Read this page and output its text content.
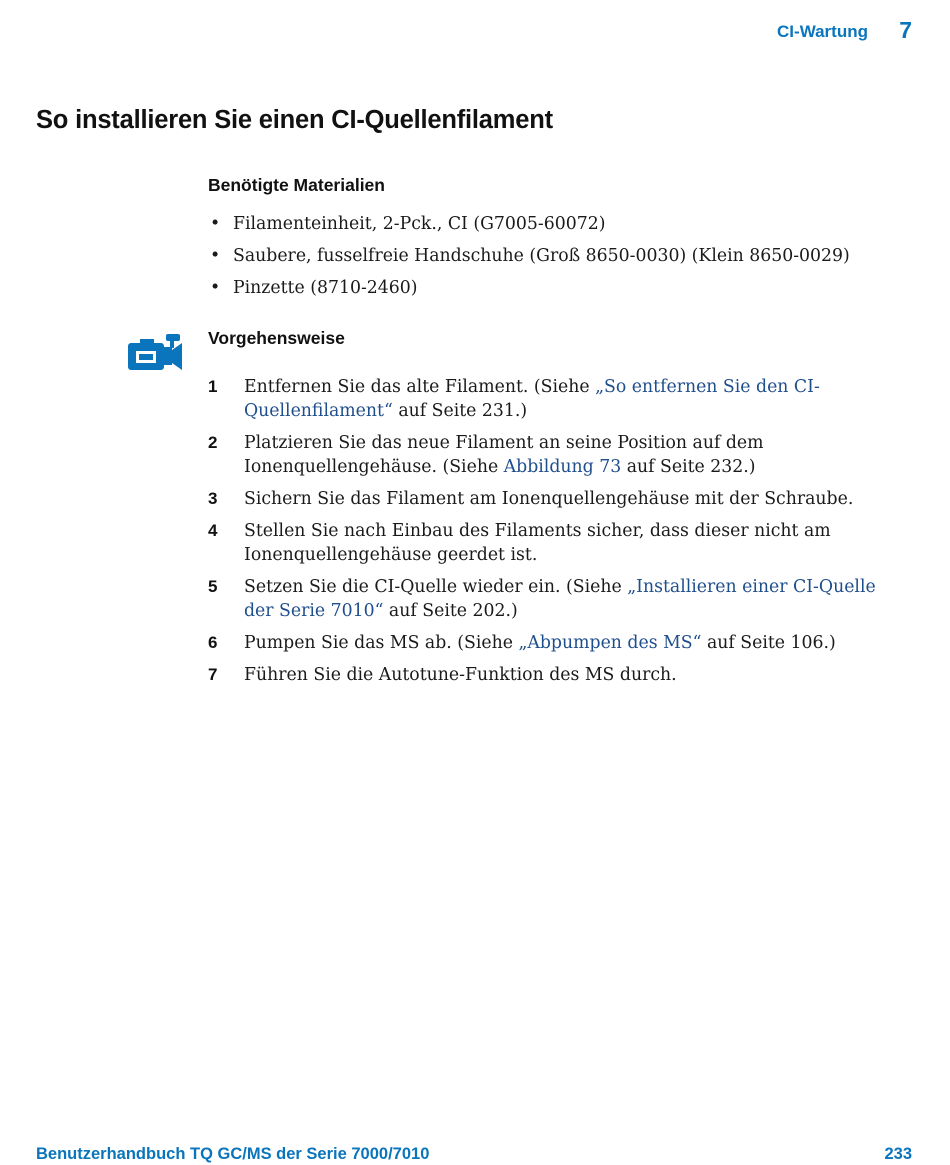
CI-Wartung 7
So installieren Sie einen CI-Quellenfilament
Benötigte Materialien
• Filamenteinheit, 2-Pck., CI (G7005-60072)
• Saubere, fusselfreie Handschuhe (Groß 8650-0030) (Klein 8650-0029)
• Pinzette (8710-2460)
Vorgehensweise
1 Entfernen Sie das alte Filament. (Siehe „So entfernen Sie den CI-Quellenfilament“ auf Seite 231.)
2 Platzieren Sie das neue Filament an seine Position auf dem Ionenquellengehäuse. (Siehe Abbildung 73 auf Seite 232.)
3 Sichern Sie das Filament am Ionenquellengehäuse mit der Schraube.
4 Stellen Sie nach Einbau des Filaments sicher, dass dieser nicht am Ionenquellengehäuse geerdet ist.
5 Setzen Sie die CI-Quelle wieder ein. (Siehe „Installieren einer CI-Quelle der Serie 7010“ auf Seite 202.)
6 Pumpen Sie das MS ab. (Siehe „Abpumpen des MS“ auf Seite 106.)
7 Führen Sie die Autotune-Funktion des MS durch.
Benutzerhandbuch TQ GC/MS der Serie 7000/7010	233
